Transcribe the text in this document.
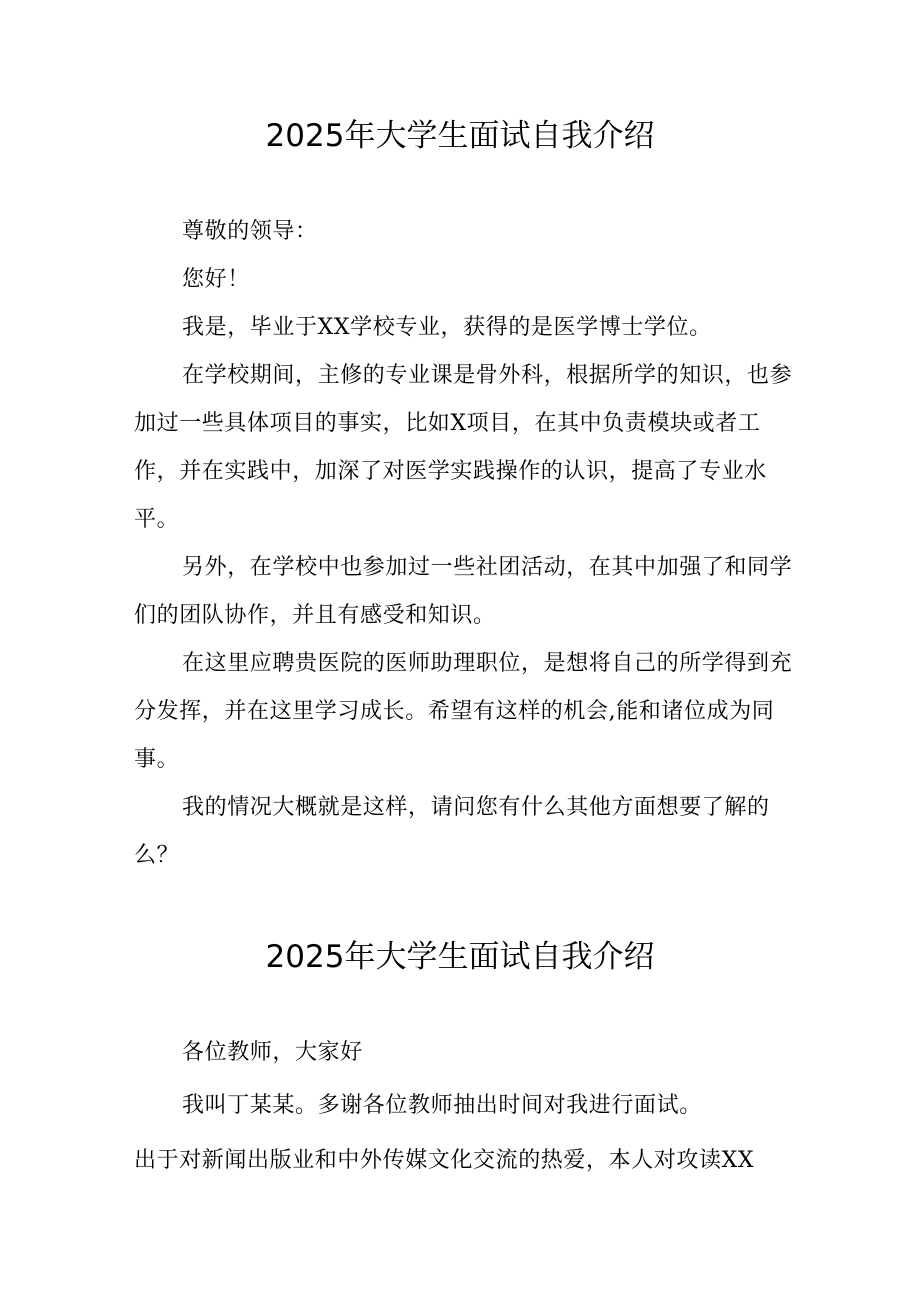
2025年大学生面试自我介绍

尊敬的领导：

您好！

我是，毕业于XX学校专业，获得的是医学博士学位。

在学校期间，主修的专业课是骨外科，根据所学的知识，也参加过一些具体项目的事实，比如X项目，在其中负责模块或者工作，并在实践中，加深了对医学实践操作的认识，提高了专业水平。

另外，在学校中也参加过一些社团活动，在其中加强了和同学们的团队协作，并且有感受和知识。

在这里应聘贵医院的医师助理职位，是想将自己的所学得到充分发挥，并在这里学习成长。希望有这样的机会,能和诸位成为同事。

我的情况大概就是这样，请问您有什么其他方面想要了解的么？

2025年大学生面试自我介绍

各位教师，大家好

我叫丁某某。多谢各位教师抽出时间对我进行面试。

出于对新闻出版业和中外传媒文化交流的热爱，本人对攻读XX
